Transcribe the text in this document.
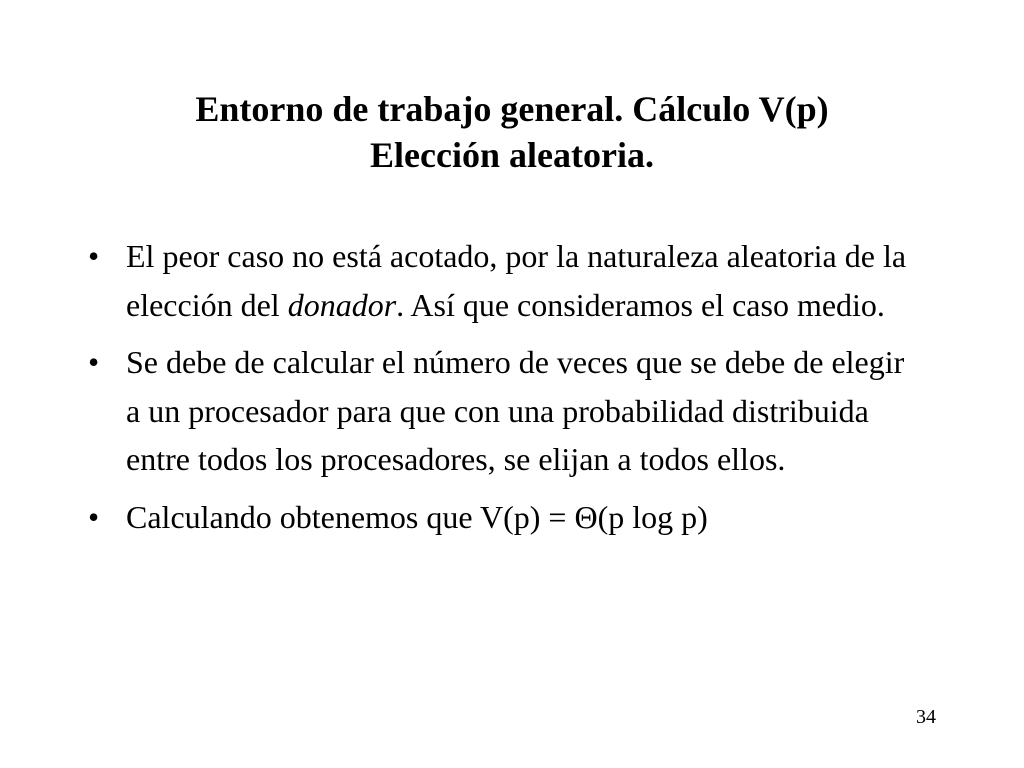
Entorno de trabajo general. Cálculo V(p)
Elección aleatoria.
• El peor caso no está acotado, por la naturaleza aleatoria de la elección del donador. Así que consideramos el caso medio.
• Se debe de calcular el número de veces que se debe de elegir a un procesador para que con una probabilidad distribuida entre todos los procesadores, se elijan a todos ellos.
• Calculando obtenemos que V(p) = Θ(p log p)
34
